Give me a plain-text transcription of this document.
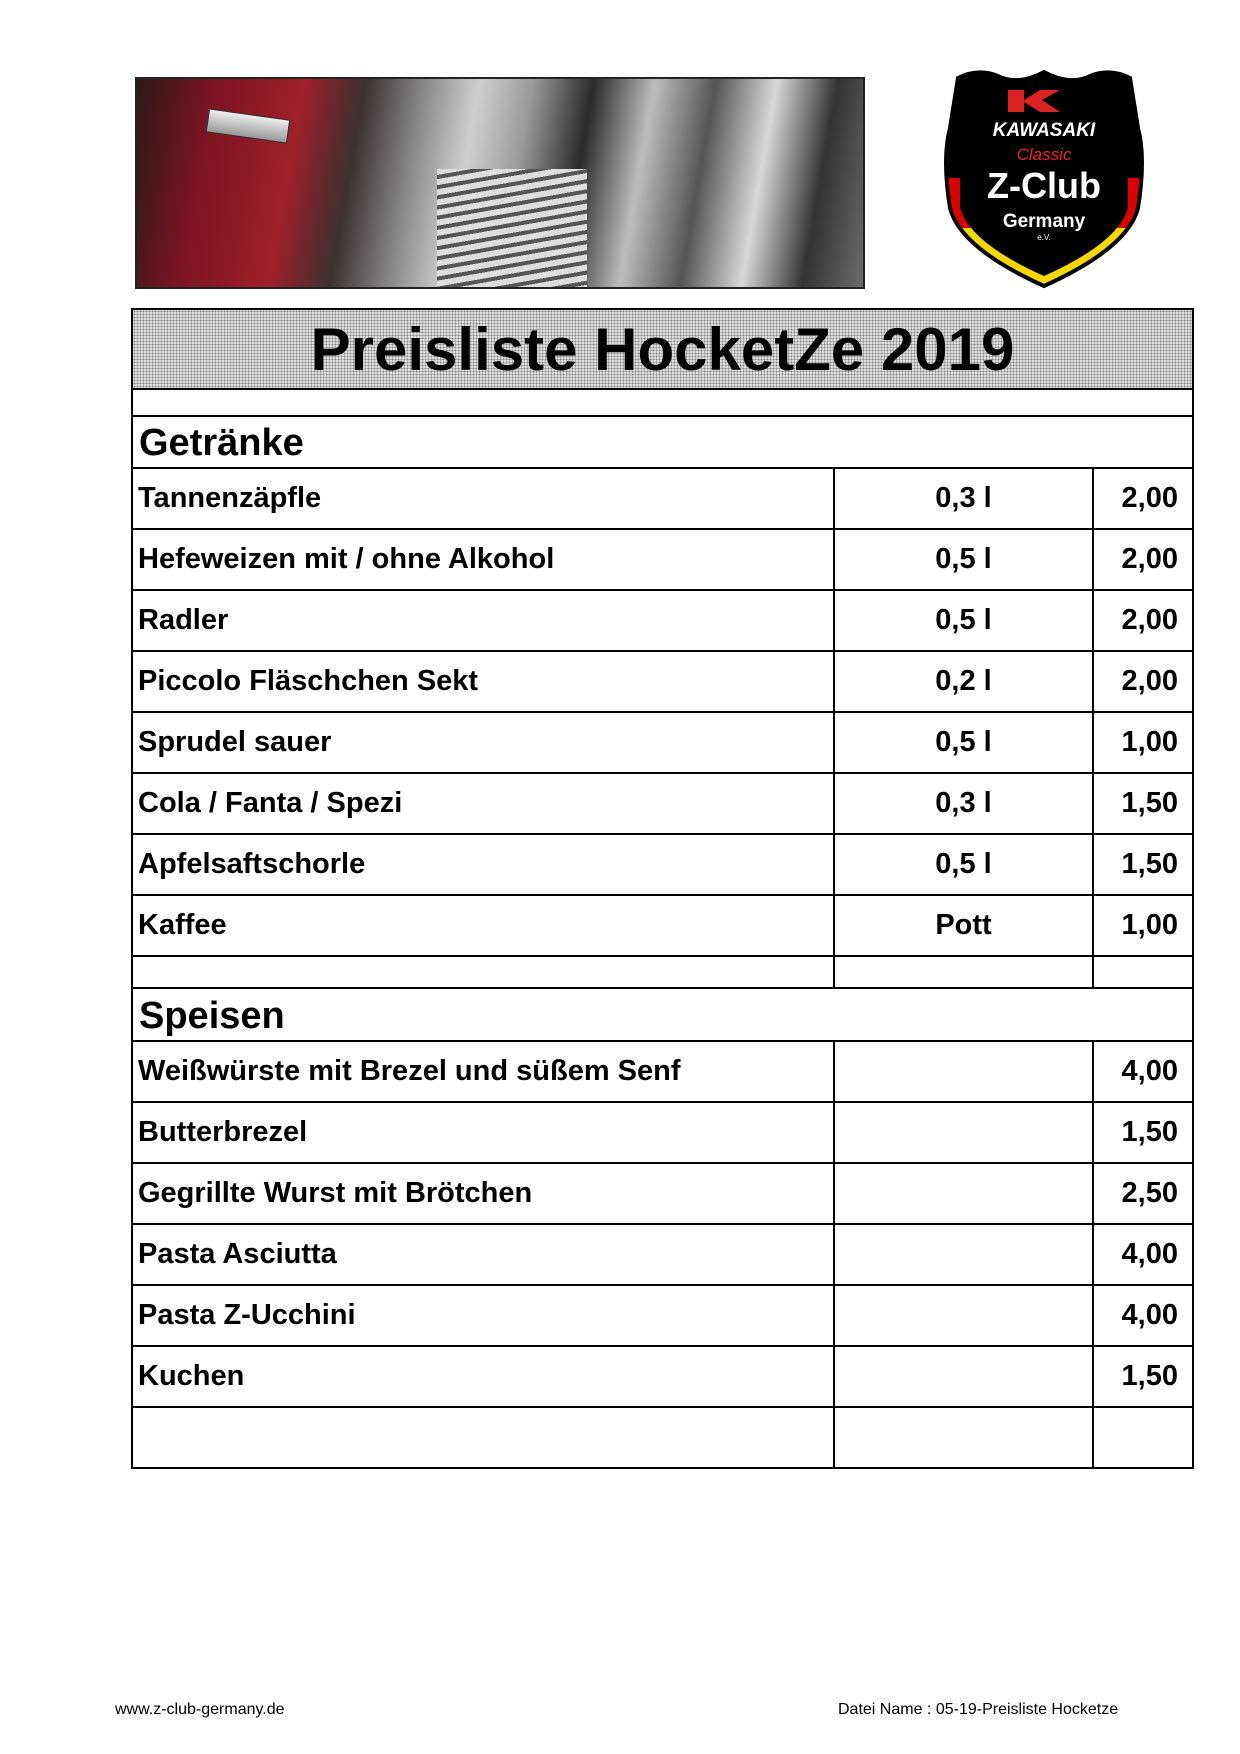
KAWASAKI
Classic
Z-Club
Germany
e.V.
Preisliste HocketZe 2019
Getränke
Tannenzäpfle	0,3 l	2,00
Hefeweizen mit / ohne Alkohol	0,5 l	2,00
Radler	0,5 l	2,00
Piccolo Fläschchen Sekt	0,2 l	2,00
Sprudel sauer	0,5 l	1,00
Cola / Fanta / Spezi	0,3 l	1,50
Apfelsaftschorle	0,5 l	1,50
Kaffee	Pott	1,00
Speisen
Weißwürste mit Brezel und süßem Senf	4,00
Butterbrezel	1,50
Gegrillte Wurst mit Brötchen	2,50
Pasta Asciutta	4,00
Pasta Z-Ucchini	4,00
Kuchen	1,50
www.z-club-germany.de	Datei Name : 05-19-Preisliste Hocketze
